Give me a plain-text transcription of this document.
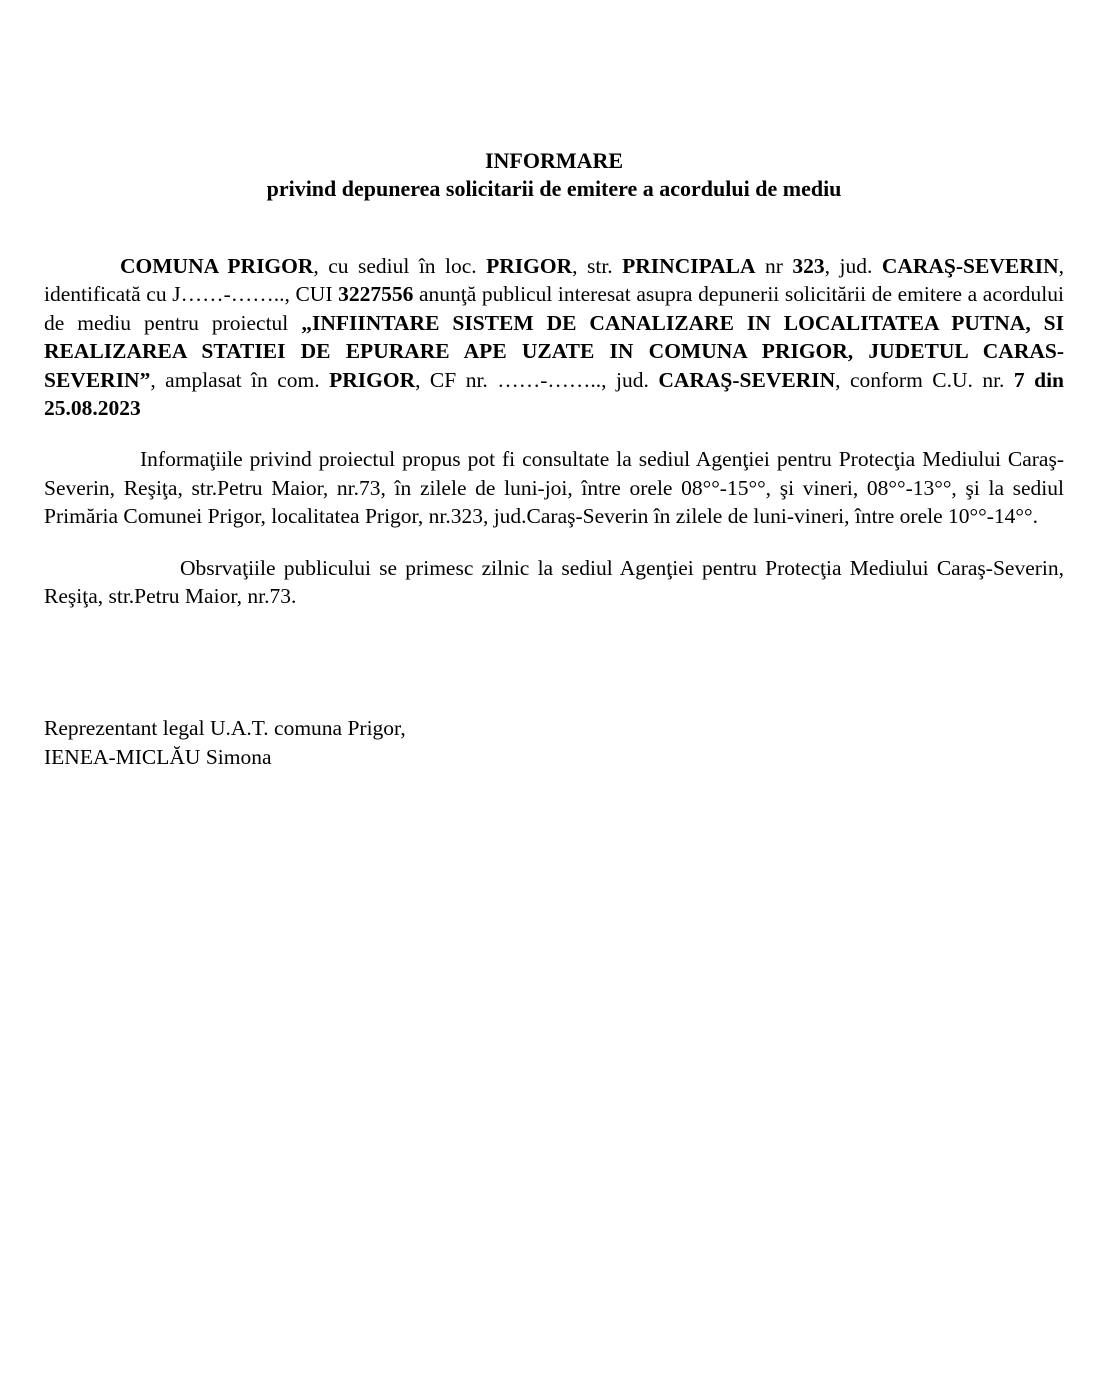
INFORMARE

privind depunerea solicitarii de emitere a acordului de mediu

COMUNA PRIGOR, cu sediul în loc. PRIGOR, str. PRINCIPALA nr 323, jud. CARAŞ-SEVERIN, identificată cu J……-…….., CUI 3227556 anunţă publicul interesat asupra depunerii solicitării de emitere a acordului de mediu pentru proiectul „INFIINTARE SISTEM DE CANALIZARE IN LOCALITATEA PUTNA, SI REALIZAREA STATIEI DE EPURARE APE UZATE IN COMUNA PRIGOR, JUDETUL CARAS-SEVERIN”, amplasat în com. PRIGOR, CF nr. ……-…….., jud. CARAŞ-SEVERIN, conform C.U. nr. 7 din 25.08.2023

Informaţiile privind proiectul propus pot fi consultate la sediul Agenţiei pentru Protecţia Mediului Caraş-Severin, Reşiţa, str.Petru Maior, nr.73, în zilele de luni-joi, între orele 08°°-15°°, şi vineri, 08°°-13°°, şi la sediul Primăria Comunei Prigor, localitatea Prigor, nr.323, jud.Caraş-Severin în zilele de luni-vineri, între orele 10°°-14°°.

Obsrvaţiile publicului se primesc zilnic la sediul Agenţiei pentru Protecţia Mediului Caraş-Severin, Reşiţa, str.Petru Maior, nr.73.

Reprezentant legal U.A.T. comuna Prigor,
IENEA-MICLĂU Simona
